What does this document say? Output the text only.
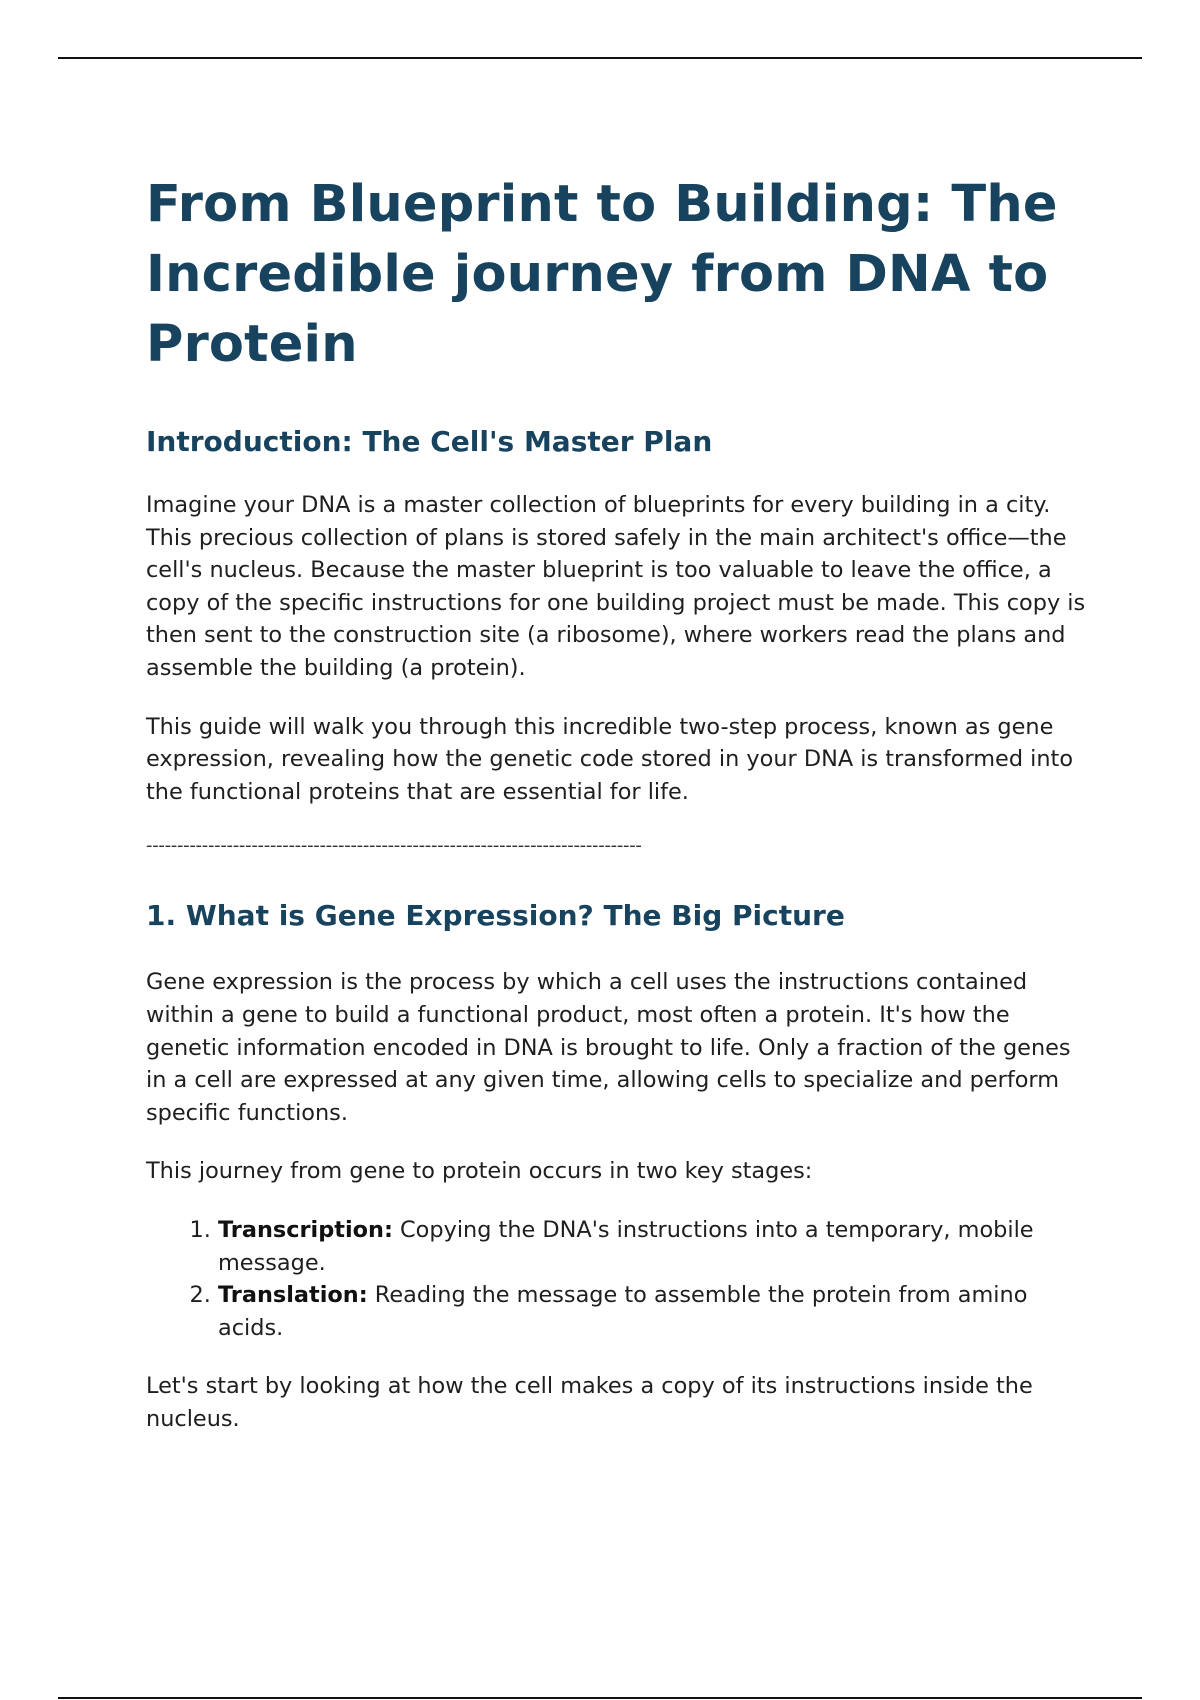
From Blueprint to Building: The Incredible journey from DNA to Protein
Introduction: The Cell's Master Plan

Imagine your DNA is a master collection of blueprints for every building in a city. This precious collection of plans is stored safely in the main architect's office—the cell's nucleus. Because the master blueprint is too valuable to leave the office, a copy of the specific instructions for one building project must be made. This copy is then sent to the construction site (a ribosome), where workers read the plans and assemble the building (a protein).

This guide will walk you through this incredible two-step process, known as gene expression, revealing how the genetic code stored in your DNA is transformed into the functional proteins that are essential for life.

--------------------------------------------------------------------------------
1. What is Gene Expression? The Big Picture

Gene expression is the process by which a cell uses the instructions contained within a gene to build a functional product, most often a protein. It's how the genetic information encoded in DNA is brought to life. Only a fraction of the genes in a cell are expressed at any given time, allowing cells to specialize and perform specific functions.

This journey from gene to protein occurs in two key stages:

1. Transcription: Copying the DNA's instructions into a temporary, mobile message.
2. Translation: Reading the message to assemble the protein from amino acids.

Let's start by looking at how the cell makes a copy of its instructions inside the nucleus.
